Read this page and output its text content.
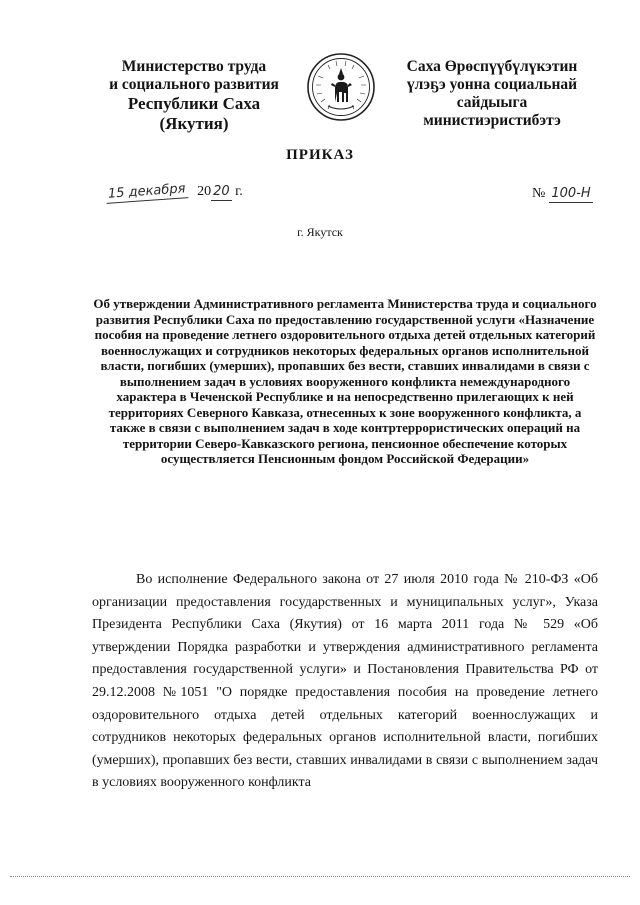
Министерство труда
и социального развития
Республики Саха (Якутия)
Саха Өрөспүүбүлүкэтин
үлэҕэ уонна социальнай
сайдыыга министиэристибэтэ
ПРИКАЗ
15 декабря 20 20 г.	№ 100-Н
г. Якутск
Об утверждении Административного регламента Министерства труда и социального развития Республики Саха по предоставлению государственной услуги «Назначение пособия на проведение летнего оздоровительного отдыха детей отдельных категорий военнослужащих и сотрудников некоторых федеральных органов исполнительной власти, погибших (умерших), пропавших без вести, ставших инвалидами в связи с выполнением задач в условиях вооруженного конфликта немеждународного характера в Чеченской Республике и на непосредственно прилегающих к ней территориях Северного Кавказа, отнесенных к зоне вооруженного конфликта, а также в связи с выполнением задач в ходе контртеррористических операций на территории Северо-Кавказского региона, пенсионное обеспечение которых осуществляется Пенсионным фондом Российской Федерации»
Во исполнение Федерального закона от 27 июля 2010 года № 210-ФЗ «Об организации предоставления государственных и муниципальных услуг», Указа Президента Республики Саха (Якутия) от 16 марта 2011 года № 529 «Об утверждении Порядка разработки и утверждения административного регламента предоставления государственной услуги» и Постановления Правительства РФ от 29.12.2008 №1051 "О порядке предоставления пособия на проведение летнего оздоровительного отдыха детей отдельных категорий военнослужащих и сотрудников некоторых федеральных органов исполнительной власти, погибших (умерших), пропавших без вести, ставших инвалидами в связи с выполнением задач в условиях вооруженного конфликта
